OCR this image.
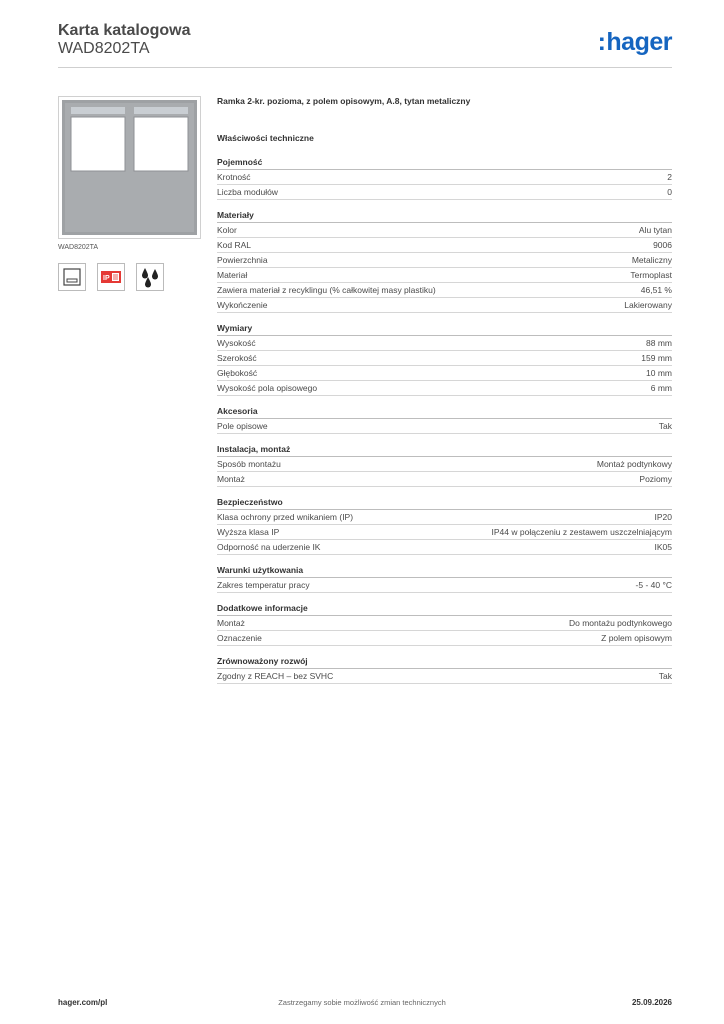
Karta katalogowa
WAD8202TA	:hager
WAD8202TA
IP
Ramka 2-kr. pozioma, z polem opisowym, A.8, tytan metaliczny
Właściwości techniczne
Pojemność
Krotność	2
Liczba modułów	0
Materiały
Kolor	Alu tytan
Kod RAL	9006
Powierzchnia	Metaliczny
Materiał	Termoplast
Zawiera materiał z recyklingu (% całkowitej masy plastiku)	46,51 %
Wykończenie	Lakierowany
Wymiary
Wysokość	88 mm
Szerokość	159 mm
Głębokość	10 mm
Wysokość pola opisowego	6 mm
Akcesoria
Pole opisowe	Tak
Instalacja, montaż
Sposób montażu	Montaż podtynkowy
Montaż	Poziomy
Bezpieczeństwo
Klasa ochrony przed wnikaniem (IP)	IP20
Wyższa klasa IP	IP44 w połączeniu z zestawem uszczelniającym
Odporność na uderzenie IK	IK05
Warunki użytkowania
Zakres temperatur pracy	-5 - 40 °C
Dodatkowe informacje
Montaż	Do montażu podtynkowego
Oznaczenie	Z polem opisowym
Zrównoważony rozwój
Zgodny z REACH – bez SVHC	Tak
hager.com/pl	Zastrzegamy sobie możliwość zmian technicznych	25.09.2026
